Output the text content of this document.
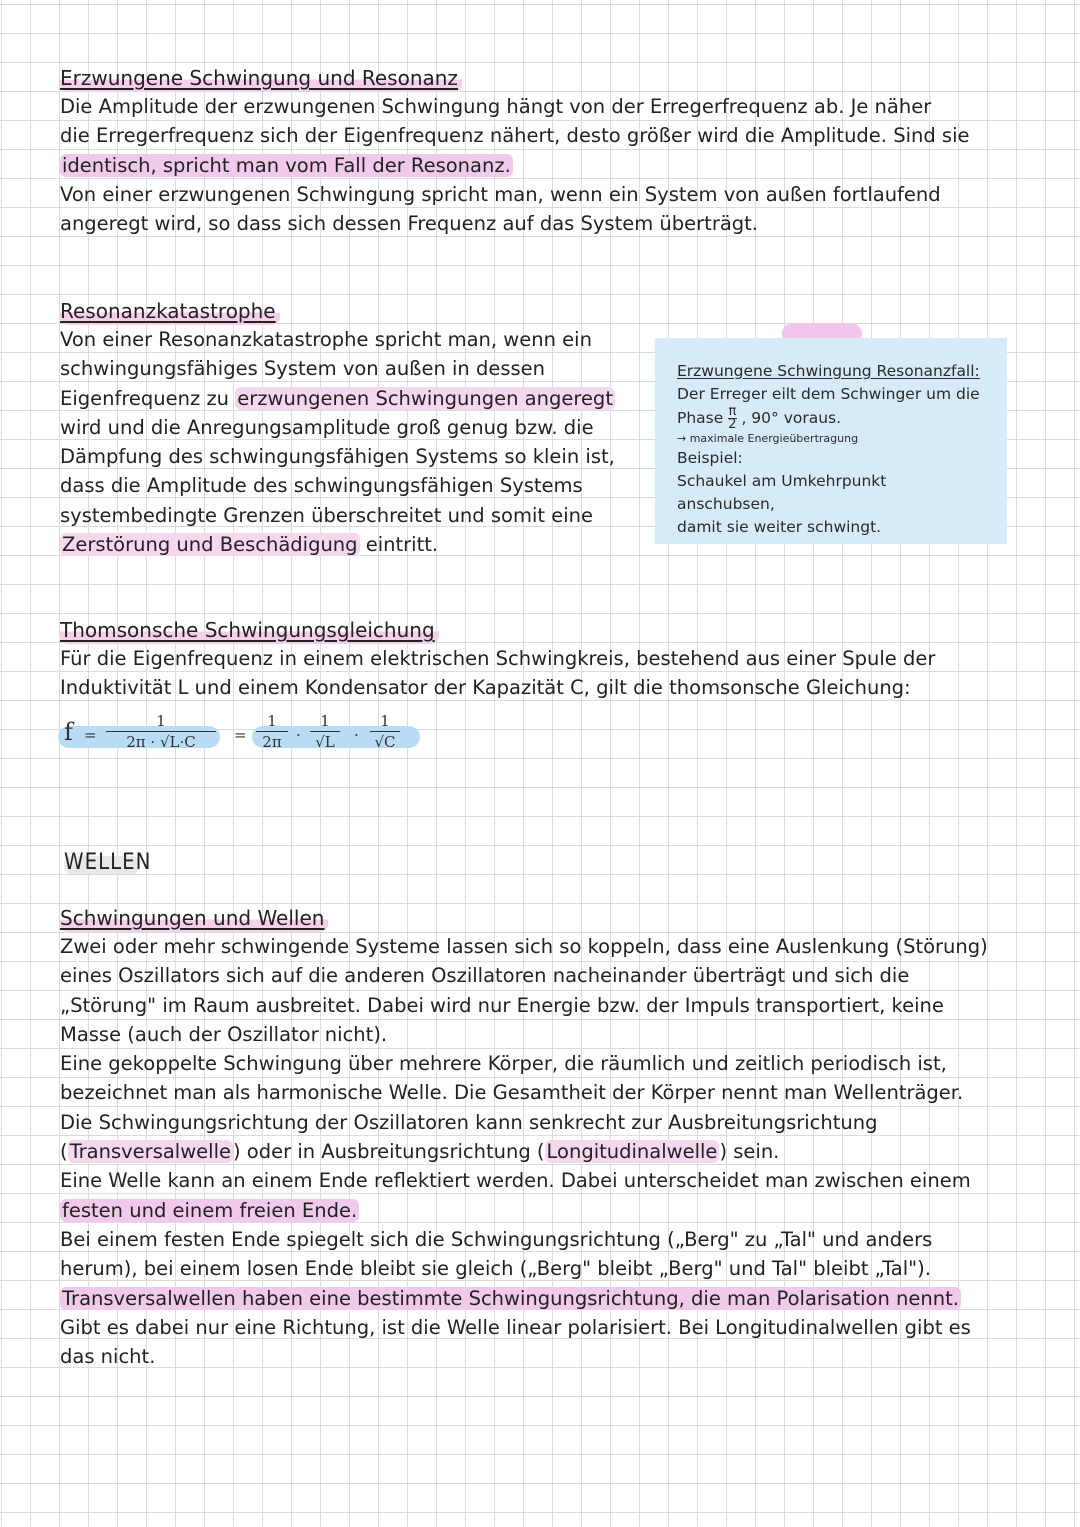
Erzwungene Schwingung und Resonanz

Die Amplitude der erzwungenen Schwingung hängt von der Erregerfrequenz ab. Je näher

die Erregerfrequenz sich der Eigenfrequenz nähert, desto größer wird die Amplitude. Sind sie

identisch, spricht man vom Fall der Resonanz.

Von einer erzwungenen Schwingung spricht man, wenn ein System von außen fortlaufend

angeregt wird, so dass sich dessen Frequenz auf das System überträgt.

Resonanzkatastrophe

Von einer Resonanzkatastrophe spricht man, wenn ein

schwingungsfähiges System von außen in dessen

Eigenfrequenz zu erzwungenen Schwingungen angeregt

wird und die Anregungsamplitude groß genug bzw. die

Dämpfung des schwingungsfähigen Systems so klein ist,

dass die Amplitude des schwingungsfähigen Systems

systembedingte Grenzen überschreitet und somit eine

Zerstörung und Beschädigung eintritt.

Erzwungene Schwingung Resonanzfall:
Der Erreger eilt dem Schwinger um die
Phase $\frac{\pi}{2}$ , 90° voraus.
→ maximale Energieübertragung
Beispiel:
Schaukel am Umkehrpunkt anschubsen,
damit sie weiter schwingt.
Thomsonsche Schwingungsgleichung

Für die Eigenfrequenz in einem elektrischen Schwingkreis, bestehend aus einer Spule der

Induktivität L und einem Kondensator der Kapazität C, gilt die thomsonsche Gleichung:

f =
1
2π · √L·C	=
1
2π ·
1
√L ·
1
√C
WELLEN
Schwingungen und Wellen

Zwei oder mehr schwingende Systeme lassen sich so koppeln, dass eine Auslenkung (Störung)

eines Oszillators sich auf die anderen Oszillatoren nacheinander überträgt und sich die

„Störung" im Raum ausbreitet. Dabei wird nur Energie bzw. der Impuls transportiert, keine

Masse (auch der Oszillator nicht).

Eine gekoppelte Schwingung über mehrere Körper, die räumlich und zeitlich periodisch ist,

bezeichnet man als harmonische Welle. Die Gesamtheit der Körper nennt man Wellenträger.

Die Schwingungsrichtung der Oszillatoren kann senkrecht zur Ausbreitungsrichtung

( Transversalwelle ) oder in Ausbreitungsrichtung ( Longitudinalwelle ) sein.

Eine Welle kann an einem Ende reflektiert werden. Dabei unterscheidet man zwischen einem

festen und einem freien Ende.

Bei einem festen Ende spiegelt sich die Schwingungsrichtung („Berg" zu „Tal" und anders

herum), bei einem losen Ende bleibt sie gleich („Berg" bleibt „Berg" und Tal" bleibt „Tal").

Transversalwellen haben eine bestimmte Schwingungsrichtung, die man Polarisation nennt.

Gibt es dabei nur eine Richtung, ist die Welle linear polarisiert. Bei Longitudinalwellen gibt es

das nicht.
